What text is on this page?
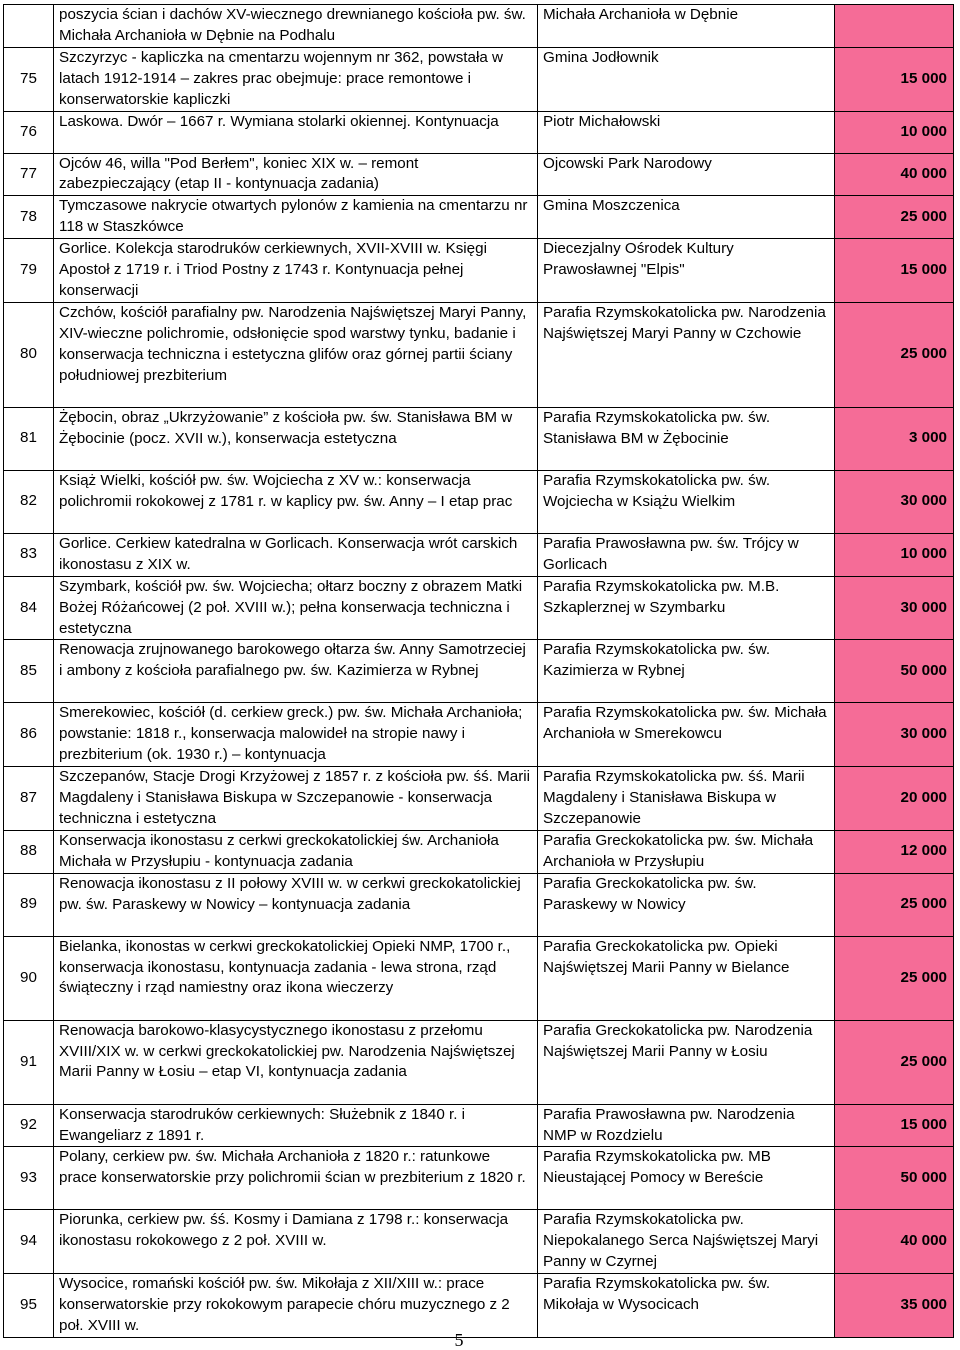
	poszycia ścian i dachów XV-wiecznego drewnianego kościoła pw. św. Michała Archanioła w Dębnie na Podhalu	Michała Archanioła w Dębnie	
75	Szczyrzyc - kapliczka na cmentarzu wojennym nr 362, powstała w latach 1912-1914 – zakres prac obejmuje: prace remontowe i konserwatorskie kapliczki	Gmina Jodłownik	15 000
76	Laskowa. Dwór – 1667 r. Wymiana stolarki okiennej. Kontynuacja	Piotr Michałowski	10 000
77	Ojców 46, willa "Pod Berłem", koniec XIX w. – remont zabezpieczający (etap II - kontynuacja zadania)	Ojcowski Park Narodowy	40 000
78	Tymczasowe nakrycie otwartych pylonów z kamienia na cmentarzu nr 118 w Staszkówce	Gmina Moszczenica	25 000
79	Gorlice. Kolekcja starodruków cerkiewnych, XVII-XVIII w. Księgi Apostoł z 1719 r. i Triod Postny z 1743 r. Kontynuacja pełnej konserwacji	Diecezjalny Ośrodek Kultury Prawosławnej "Elpis"	15 000
80	Czchów, kościół parafialny pw. Narodzenia Najświętszej Maryi Panny, XIV-wieczne polichromie, odsłonięcie spod warstwy tynku, badanie i konserwacja techniczna i estetyczna glifów oraz górnej partii ściany południowej prezbiterium	Parafia Rzymskokatolicka pw. Narodzenia Najświętszej Maryi Panny w Czchowie	25 000
81	Żębocin, obraz „Ukrzyżowanie” z kościoła pw. św. Stanisława BM w Żębocinie (pocz. XVII w.), konserwacja estetyczna	Parafia Rzymskokatolicka pw. św. Stanisława BM w Żębocinie	3 000
82	Książ Wielki, kościół pw. św. Wojciecha z XV w.: konserwacja polichromii rokokowej z 1781 r. w kaplicy pw. św. Anny – I etap prac	Parafia Rzymskokatolicka pw. św. Wojciecha w Książu Wielkim	30 000
83	Gorlice. Cerkiew katedralna w Gorlicach. Konserwacja wrót carskich ikonostasu z XIX w.	Parafia Prawosławna pw. św. Trójcy w Gorlicach	10 000
84	Szymbark, kościół pw. św. Wojciecha; ołtarz boczny z obrazem Matki Bożej Różańcowej (2 poł. XVIII w.); pełna konserwacja techniczna i estetyczna	Parafia Rzymskokatolicka pw. M.B. Szkaplerznej w Szymbarku	30 000
85	Renowacja zrujnowanego barokowego ołtarza św. Anny Samotrzeciej i ambony z kościoła parafialnego pw. św. Kazimierza w Rybnej	Parafia Rzymskokatolicka pw. św. Kazimierza w Rybnej	50 000
86	Smerekowiec, kościół (d. cerkiew greck.) pw. św. Michała Archanioła; powstanie: 1818 r., konserwacja malowideł na stropie nawy i prezbiterium (ok. 1930 r.) – kontynuacja	Parafia Rzymskokatolicka pw. św. Michała Archanioła w Smerekowcu	30 000
87	Szczepanów, Stacje Drogi Krzyżowej z 1857 r. z kościoła pw. śś. Marii Magdaleny i Stanisława Biskupa w Szczepanowie - konserwacja techniczna i estetyczna	Parafia Rzymskokatolicka pw. śś. Marii Magdaleny i Stanisława Biskupa w Szczepanowie	20 000
88	Konserwacja ikonostasu z cerkwi greckokatolickiej św. Archanioła Michała w Przysłupiu - kontynuacja zadania	Parafia Greckokatolicka pw. św. Michała Archanioła w Przysłupiu	12 000
89	Renowacja ikonostasu z II połowy XVIII w. w cerkwi greckokatolickiej pw. św. Paraskewy w Nowicy – kontynuacja zadania	Parafia Greckokatolicka pw. św. Paraskewy w Nowicy	25 000
90	Bielanka, ikonostas w cerkwi greckokatolickiej Opieki NMP, 1700 r., konserwacja ikonostasu, kontynuacja zadania - lewa strona, rząd świąteczny i rząd namiestny oraz ikona wieczerzy	Parafia Greckokatolicka pw. Opieki Najświętszej Marii Panny w Bielance	25 000
91	Renowacja barokowo-klasycystycznego ikonostasu z przełomu XVIII/XIX w. w cerkwi greckokatolickiej pw. Narodzenia Najświętszej Marii Panny w Łosiu – etap VI, kontynuacja zadania	Parafia Greckokatolicka pw. Narodzenia Najświętszej Marii Panny w Łosiu	25 000
92	Konserwacja starodruków cerkiewnych: Służebnik z 1840 r. i Ewangeliarz z 1891 r.	Parafia Prawosławna pw. Narodzenia NMP w Rozdzielu	15 000
93	Polany, cerkiew pw. św. Michała Archanioła z 1820 r.: ratunkowe prace konserwatorskie przy polichromii ścian w prezbiterium z 1820 r.	Parafia Rzymskokatolicka pw. MB Nieustającej Pomocy w Bereście	50 000
94	Piorunka, cerkiew pw. śś. Kosmy i Damiana z 1798 r.: konserwacja ikonostasu rokokowego z 2 poł. XVIII w.	Parafia Rzymskokatolicka pw. Niepokalanego Serca Najświętszej Maryi Panny w Czyrnej	40 000
95	Wysocice, romański kościół pw. św. Mikołaja z XII/XIII w.: prace konserwatorskie przy rokokowym parapecie chóru muzycznego z 2 poł. XVIII w.	Parafia Rzymskokatolicka pw. św. Mikołaja w Wysocicach	35 000
5
